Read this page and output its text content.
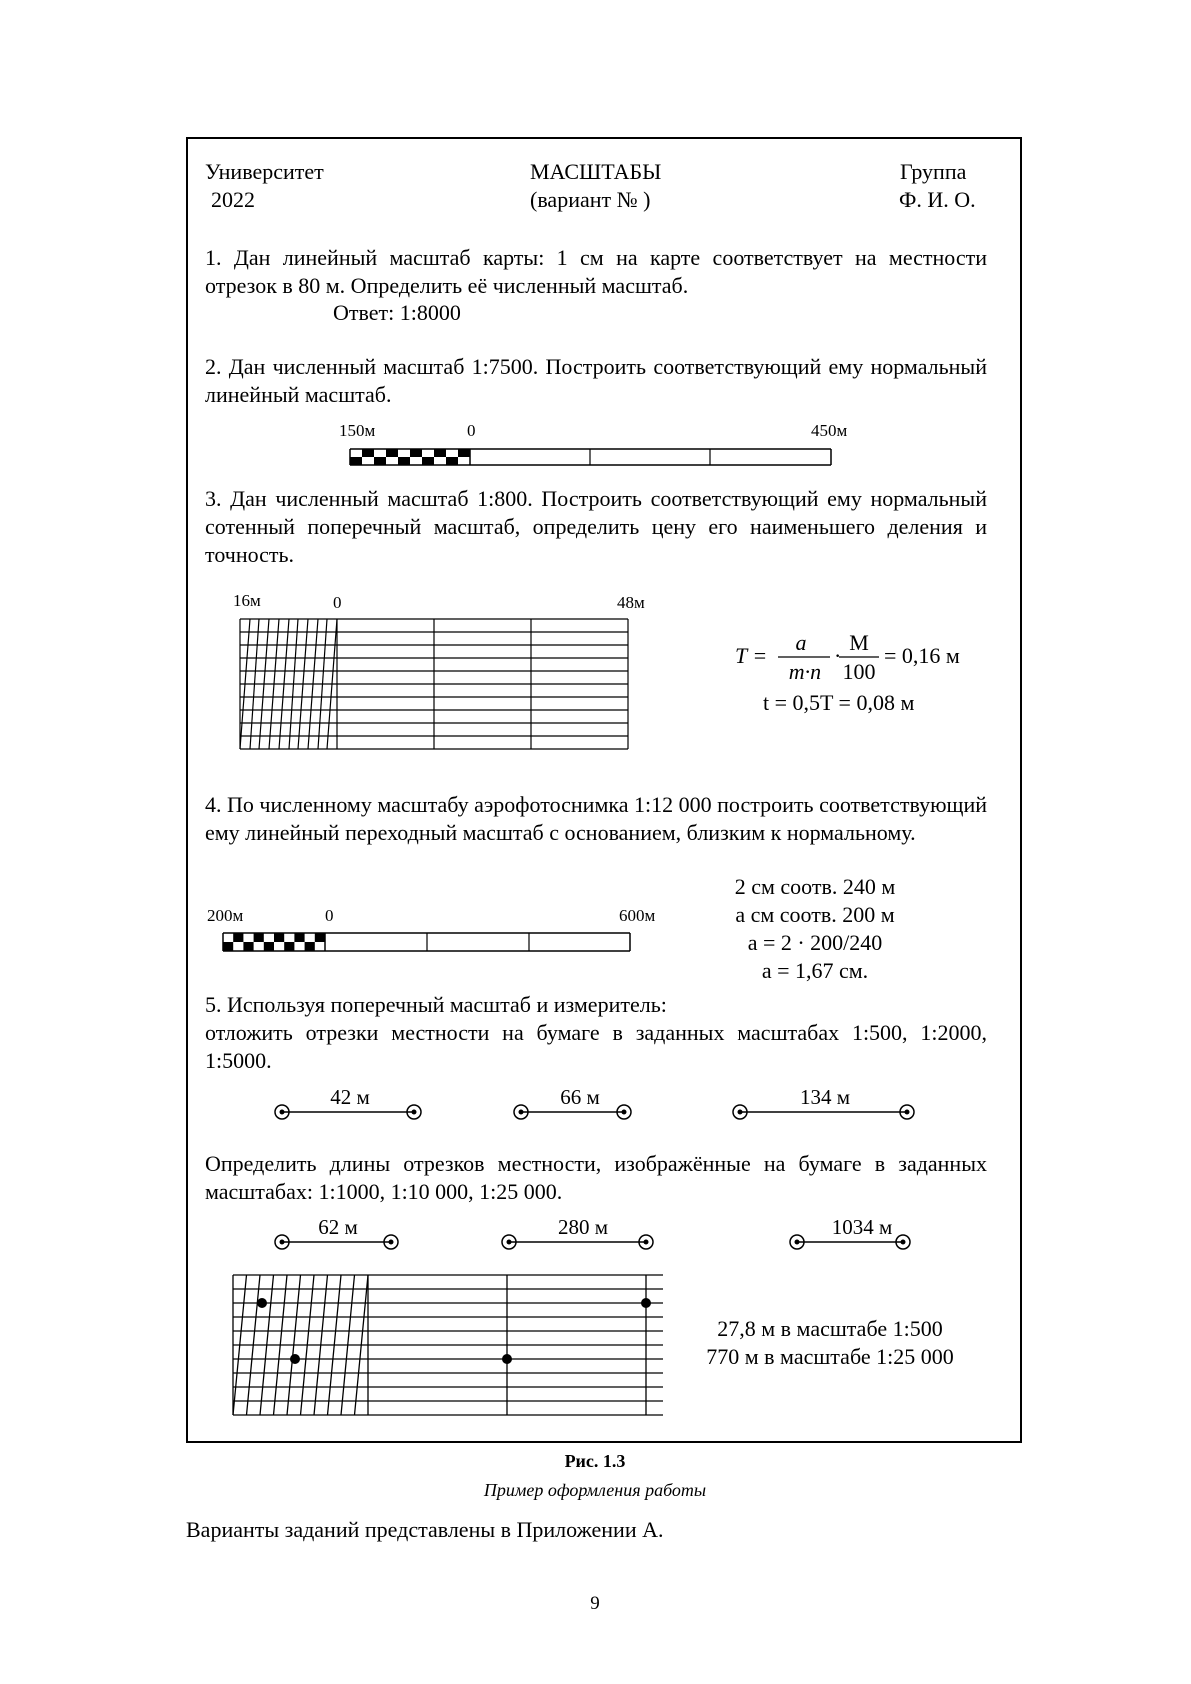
Университет
2022
МАСШТАБЫ
(вариант № )
Группа
Ф. И. О.
1. Дан линейный масштаб карты: 1 см на карте соответствует на местности отрезок в 80 м. Определить её численный масштаб.
Ответ: 1:8000
2. Дан численный масштаб 1:7500. Построить соответствующий ему нормальный линейный масштаб.
150м	0	450м
3. Дан численный масштаб 1:800. Построить соответствующий ему нормальный сотенный поперечный масштаб, определить цену его наименьшего деления и точность.
16м	0	48м
T =
a
m·n
·
М
100
= 0,16 м
t = 0,5T = 0,08 м
4. По численному масштабу аэрофотоснимка 1:12 000 построить соответствующий ему линейный переходный масштаб с основанием, близким к нормальному.
2 см соотв. 240 м
a см соотв. 200 м
a = 2 · 200/240
a = 1,67 см.
200м	0	600м
5. Используя поперечный масштаб и измеритель:
отложить отрезки местности на бумаге в заданных масштабах 1:500, 1:2000, 1:5000.
42 м	66 м	134 м
Определить длины отрезков местности, изображённые на бумаге в заданных масштабах: 1:1000, 1:10 000, 1:25 000.
62 м	280 м	1034 м
27,8 м в масштабе 1:500
770 м в масштабе 1:25 000
Рис. 1.3
Пример оформления работы
Варианты заданий представлены в Приложении А.
9
